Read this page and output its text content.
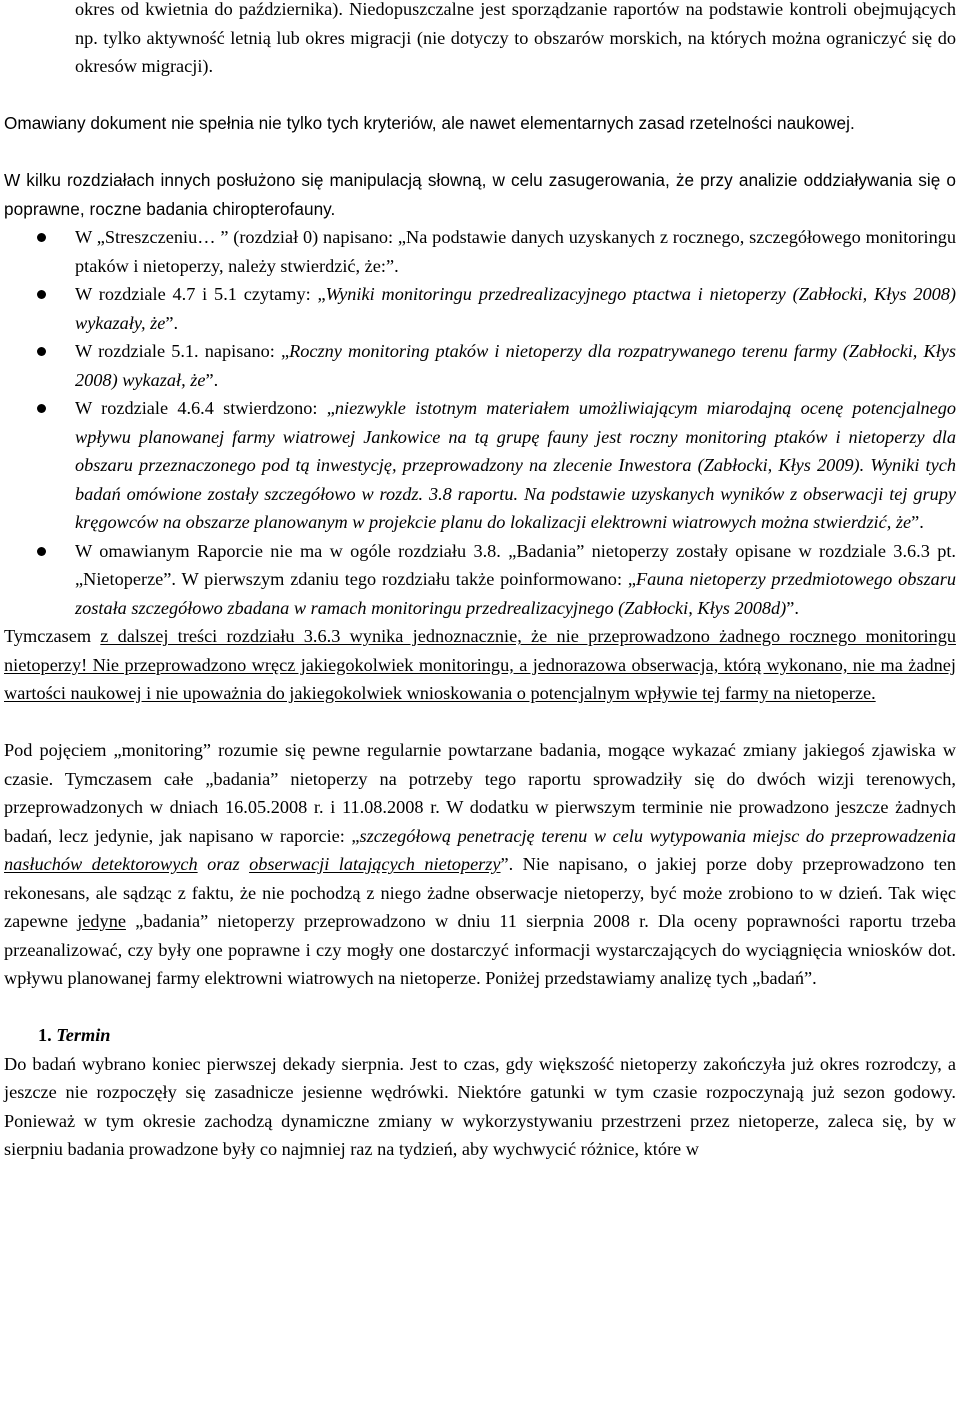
okres od kwietnia do października). Niedopuszczalne jest sporządzanie raportów na podstawie kontroli obejmujących np. tylko aktywność letnią lub okres migracji (nie dotyczy to obszarów morskich, na których można ograniczyć się do okresów migracji).

Omawiany dokument nie spełnia nie tylko tych kryteriów, ale nawet elementarnych zasad rzetelności naukowej.

W kilku rozdziałach innych posłużono się manipulacją słowną, w celu zasugerowania, że przy analizie oddziaływania się o poprawne, roczne badania chiropterofauny.

W „Streszczeniu… ” (rozdział 0) napisano: „Na podstawie danych uzyskanych z rocznego, szczegółowego monitoringu ptaków i nietoperzy, należy stwierdzić, że:”.
W rozdziale 4.7 i 5.1 czytamy: „Wyniki monitoringu przedrealizacyjnego ptactwa i nietoperzy (Zabłocki, Kłys 2008) wykazały, że”.
W rozdziale 5.1. napisano: „Roczny monitoring ptaków i nietoperzy dla rozpatrywanego terenu farmy (Zabłocki, Kłys 2008) wykazał, że”.
W rozdziale 4.6.4 stwierdzono: „niezwykle istotnym materiałem umożliwiającym miarodajną ocenę potencjalnego wpływu planowanej farmy wiatrowej Jankowice na tą grupę fauny jest roczny monitoring ptaków i nietoperzy dla obszaru przeznaczonego pod tą inwestycję, przeprowadzony na zlecenie Inwestora (Zabłocki, Kłys 2009). Wyniki tych badań omówione zostały szczegółowo w rozdz. 3.8 raportu. Na podstawie uzyskanych wyników z obserwacji tej grupy kręgowców na obszarze planowanym w projekcie planu do lokalizacji elektrowni wiatrowych można stwierdzić, że”.
W omawianym Raporcie nie ma w ogóle rozdziału 3.8. „Badania” nietoperzy zostały opisane w rozdziale 3.6.3 pt. „Nietoperze”. W pierwszym zdaniu tego rozdziału także poinformowano: „Fauna nietoperzy przedmiotowego obszaru została szczegółowo zbadana w ramach monitoringu przedrealizacyjnego (Zabłocki, Kłys 2008d)”.

Tymczasem z dalszej treści rozdziału 3.6.3 wynika jednoznacznie, że nie przeprowadzono żadnego rocznego monitoringu nietoperzy! Nie przeprowadzono wręcz jakiegokolwiek monitoringu, a jednorazowa obserwacja, którą wykonano, nie ma żadnej wartości naukowej i nie upoważnia do jakiegokolwiek wnioskowania o potencjalnym wpływie tej farmy na nietoperze.

Pod pojęciem „monitoring” rozumie się pewne regularnie powtarzane badania, mogące wykazać zmiany jakiegoś zjawiska w czasie. Tymczasem całe „badania” nietoperzy na potrzeby tego raportu sprowadziły się do dwóch wizji terenowych, przeprowadzonych w dniach 16.05.2008 r. i 11.08.2008 r. W dodatku w pierwszym terminie nie prowadzono jeszcze żadnych badań, lecz jedynie, jak napisano w raporcie: „szczegółową penetrację terenu w celu wytypowania miejsc do przeprowadzenia nasłuchów detektorowych oraz obserwacji latających nietoperzy”. Nie napisano, o jakiej porze doby przeprowadzono ten rekonesans, ale sądząc z faktu, że nie pochodzą z niego żadne obserwacje nietoperzy, być może zrobiono to w dzień. Tak więc zapewne jedyne „badania” nietoperzy przeprowadzono w dniu 11 sierpnia 2008 r. Dla oceny poprawności raportu trzeba przeanalizować, czy były one poprawne i czy mogły one dostarczyć informacji wystarczających do wyciągnięcia wniosków dot. wpływu planowanej farmy elektrowni wiatrowych na nietoperze. Poniżej przedstawiamy analizę tych „badań”.

1. Termin

Do badań wybrano koniec pierwszej dekady sierpnia. Jest to czas, gdy większość nietoperzy zakończyła już okres rozrodczy, a jeszcze nie rozpoczęły się zasadnicze jesienne wędrówki. Niektóre gatunki w tym czasie rozpoczynają już sezon godowy. Ponieważ w tym okresie zachodzą dynamiczne zmiany w wykorzystywaniu przestrzeni przez nietoperze, zaleca się, by w sierpniu badania prowadzone były co najmniej raz na tydzień, aby wychwycić różnice, które w
